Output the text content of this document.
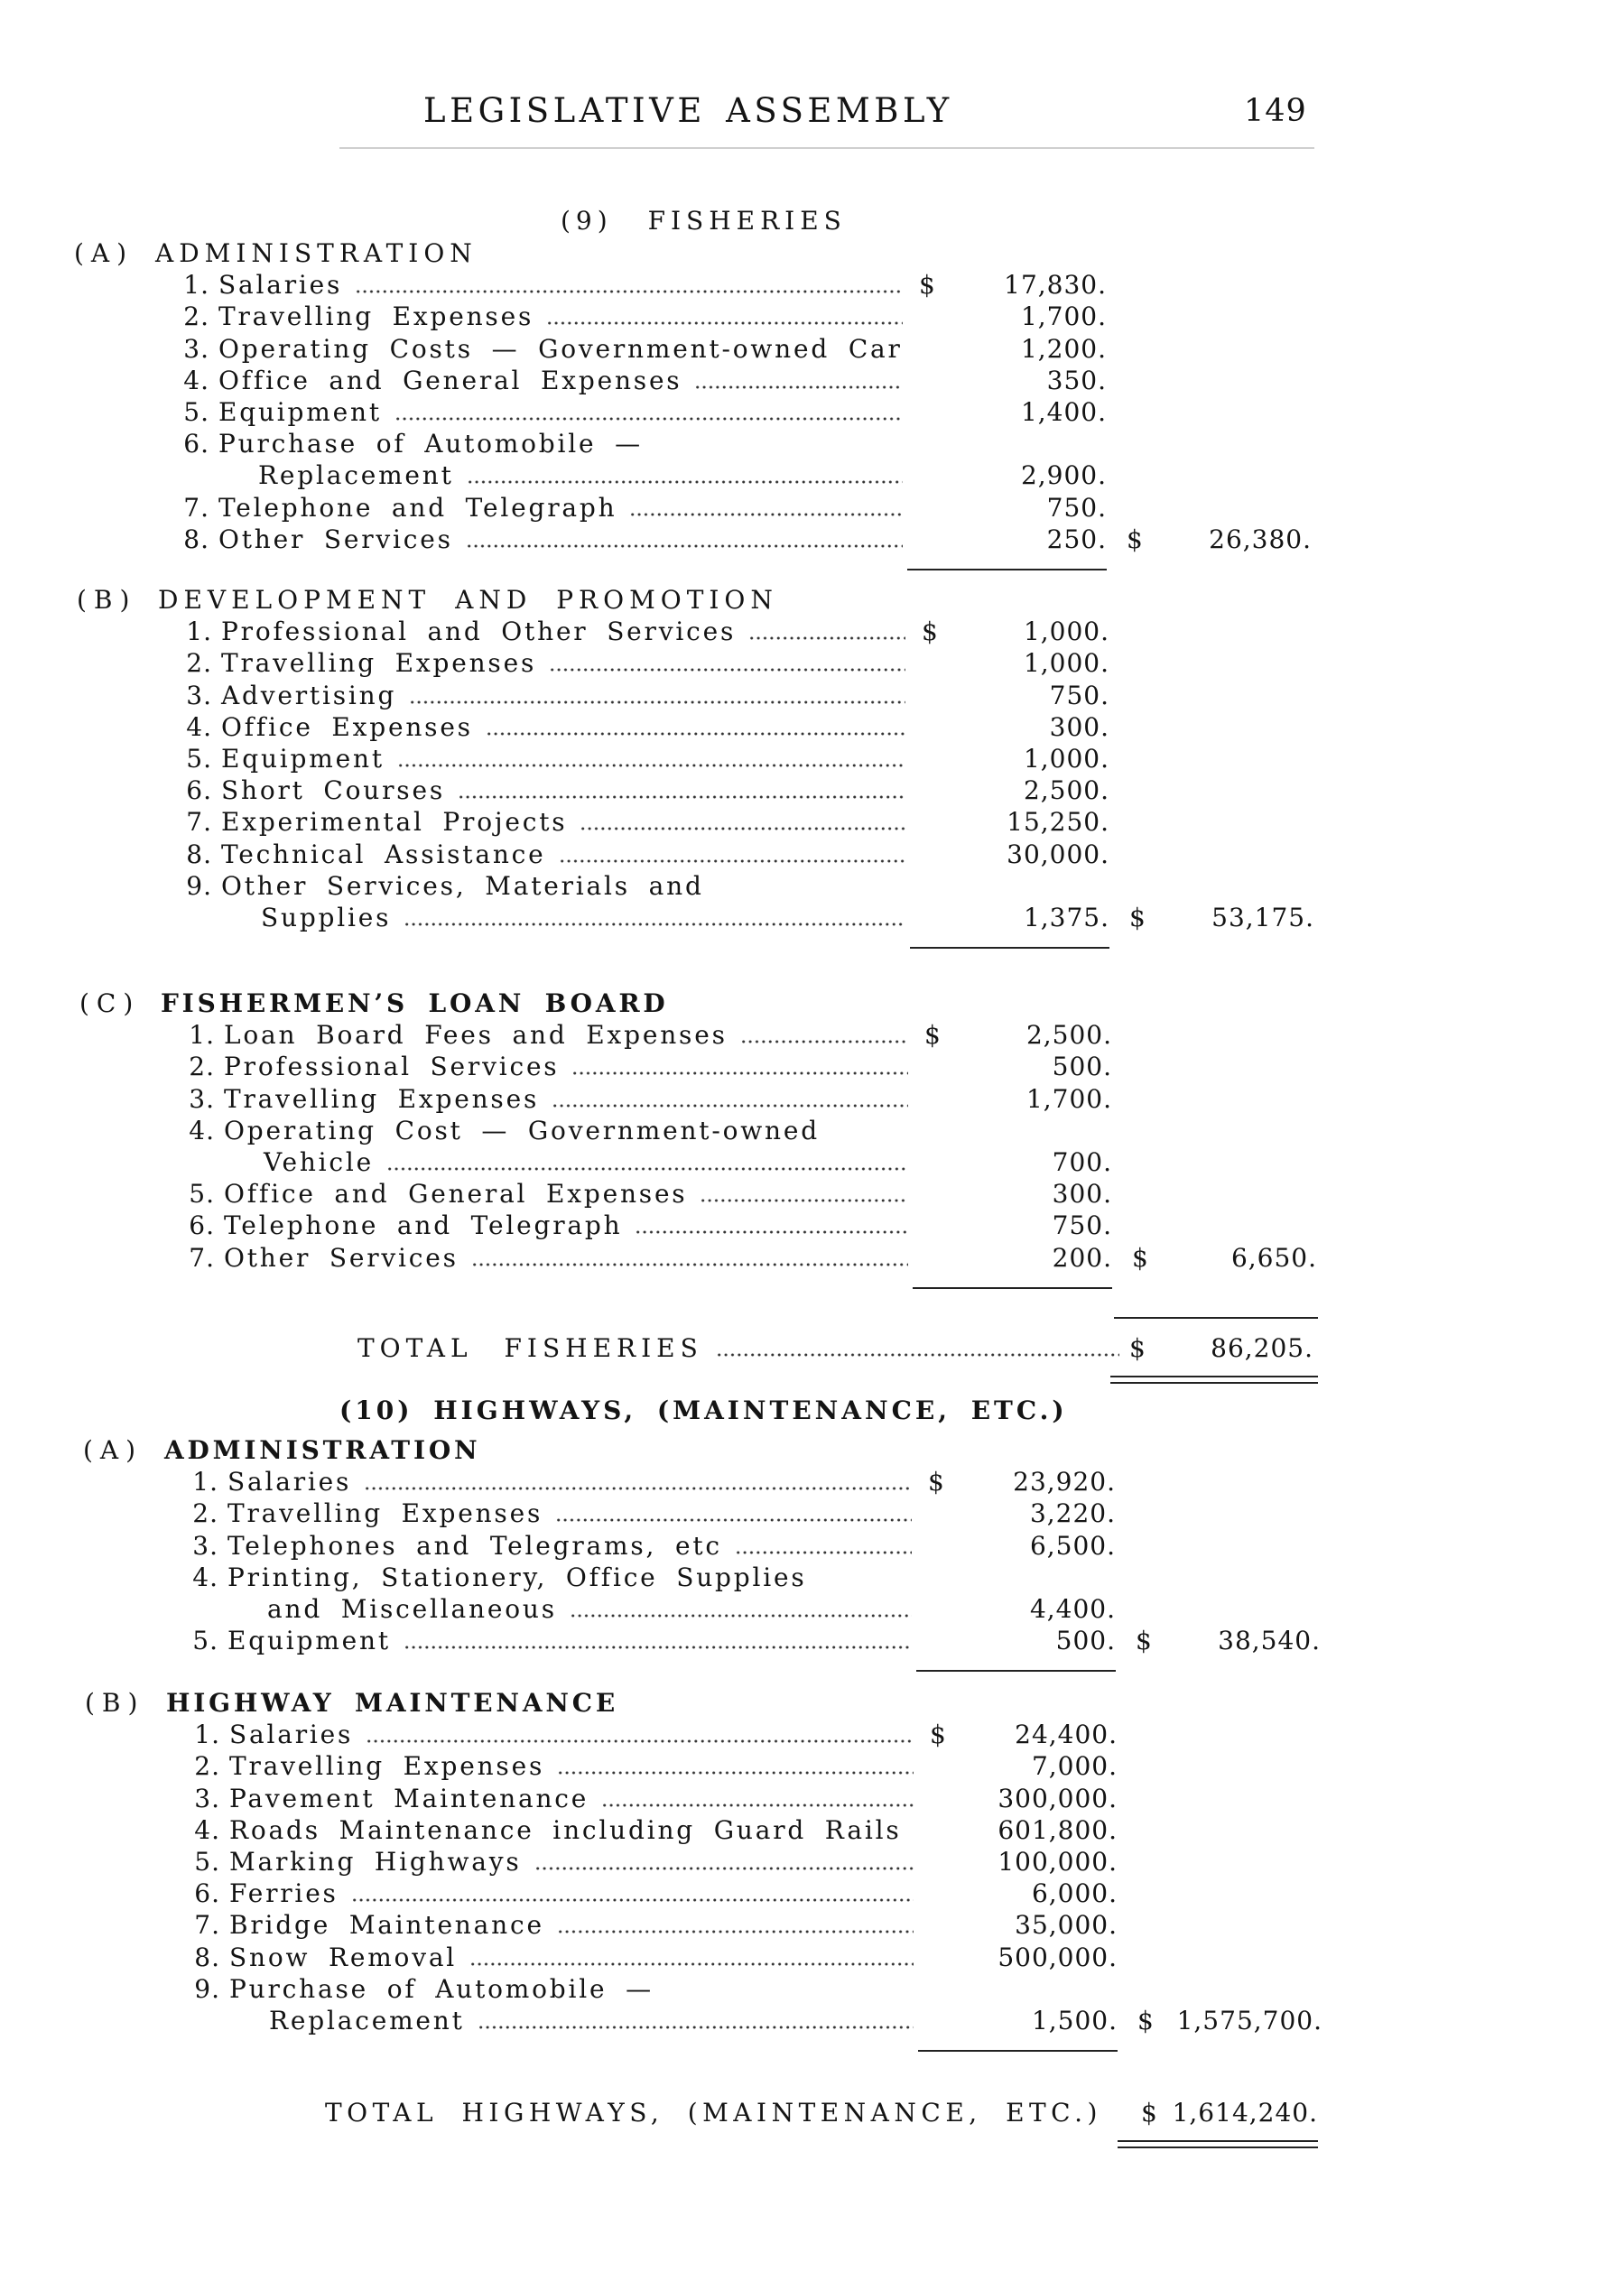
LEGISLATIVE ASSEMBLY	149
(9) FISHERIES
(A) ADMINISTRATION
1. Salaries	$	17,830.
2. Travelling Expenses	1,700.
3. Operating Costs — Government-owned Car	1,200.
4. Office and General Expenses	350.
5. Equipment	1,400.
6. Purchase of Automobile —
Replacement	2,900.
7. Telephone and Telegraph	750.
8. Other Services	250. $	26,380.
(B) DEVELOPMENT AND PROMOTION
1. Professional and Other Services	$	1,000.
2. Travelling Expenses	1,000.
3. Advertising	750.
4. Office Expenses	300.
5. Equipment	1,000.
6. Short Courses	2,500.
7. Experimental Projects	15,250.
8. Technical Assistance	30,000.
9. Other Services, Materials and
Supplies	1,375. $	53,175.
(C) FISHERMEN’S LOAN BOARD
1. Loan Board Fees and Expenses	$	2,500.
2. Professional Services	500.
3. Travelling Expenses	1,700.
4. Operating Cost — Government-owned
Vehicle	700.
5. Office and General Expenses	300.
6. Telephone and Telegraph	750.
7. Other Services	200. $	6,650.
TOTAL FISHERIES	$	86,205.
(10) HIGHWAYS, (MAINTENANCE, ETC.)
(A) ADMINISTRATION
1. Salaries	$	23,920.
2. Travelling Expenses	3,220.
3. Telephones and Telegrams, etc	6,500.
4. Printing, Stationery, Office Supplies
and Miscellaneous	4,400.
5. Equipment	500. $	38,540.
(B) HIGHWAY MAINTENANCE
1. Salaries	$	24,400.
2. Travelling Expenses	7,000.
3. Pavement Maintenance	300,000.
4. Roads Maintenance including Guard Rails	601,800.
5. Marking Highways	100,000.
6. Ferries	6,000.
7. Bridge Maintenance	35,000.
8. Snow Removal	500,000.
9. Purchase of Automobile —
Replacement	1,500. $ 1,575,700.
TOTAL HIGHWAYS, (MAINTENANCE, ETC.) $ 1,614,240.
